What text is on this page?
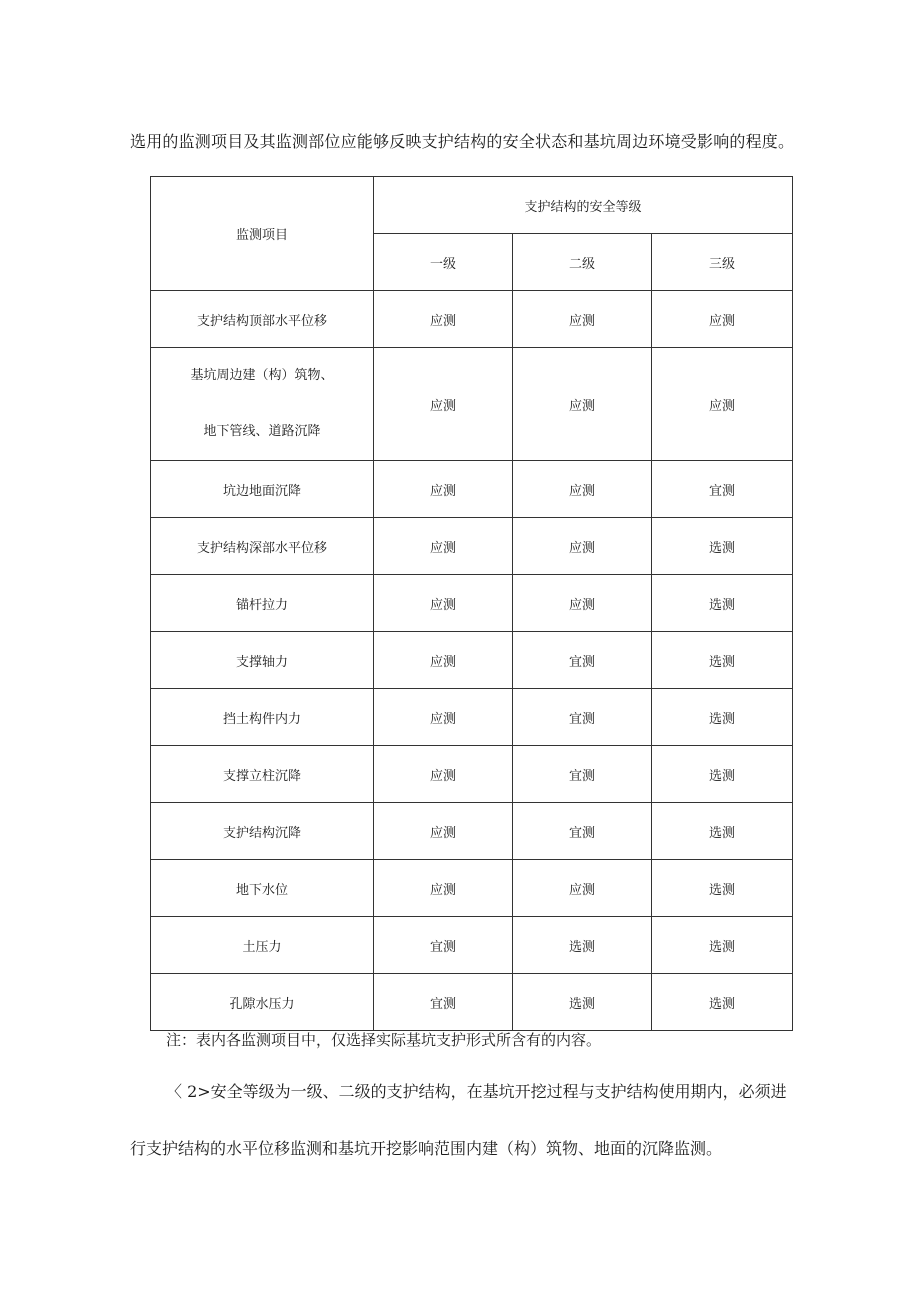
选用的监测项目及其监测部位应能够反映支护结构的安全状态和基坑周边环境受影响的程度。
监测项目	支护结构的安全等级		
	一级	二级	三级
支护结构顶部水平位移	应测	应测	应测

基坑周边建（构）筑物、
地下管线、道路沉降	应测	应测	应测
坑边地面沉降	应测	应测	宜测
支护结构深部水平位移	应测	应测	选测
锚杆拉力	应测	应测	选测
支撑轴力	应测	宜测	选测
挡土构件内力	应测	宜测	选测
支撑立柱沉降	应测	宜测	选测
支护结构沉降	应测	宜测	选测
地下水位	应测	应测	选测
土压力	宜测	选测	选测
孔隙水压力	宜测	选测	选测
注：表内各监测项目中，仅选择实际基坑支护形式所含有的内容。
〈 2>安全等级为一级、二级的支护结构，在基坑开挖过程与支护结构使用期内，必须进
行支护结构的水平位移监测和基坑开挖影响范围内建（构）筑物、地面的沉降监测。
